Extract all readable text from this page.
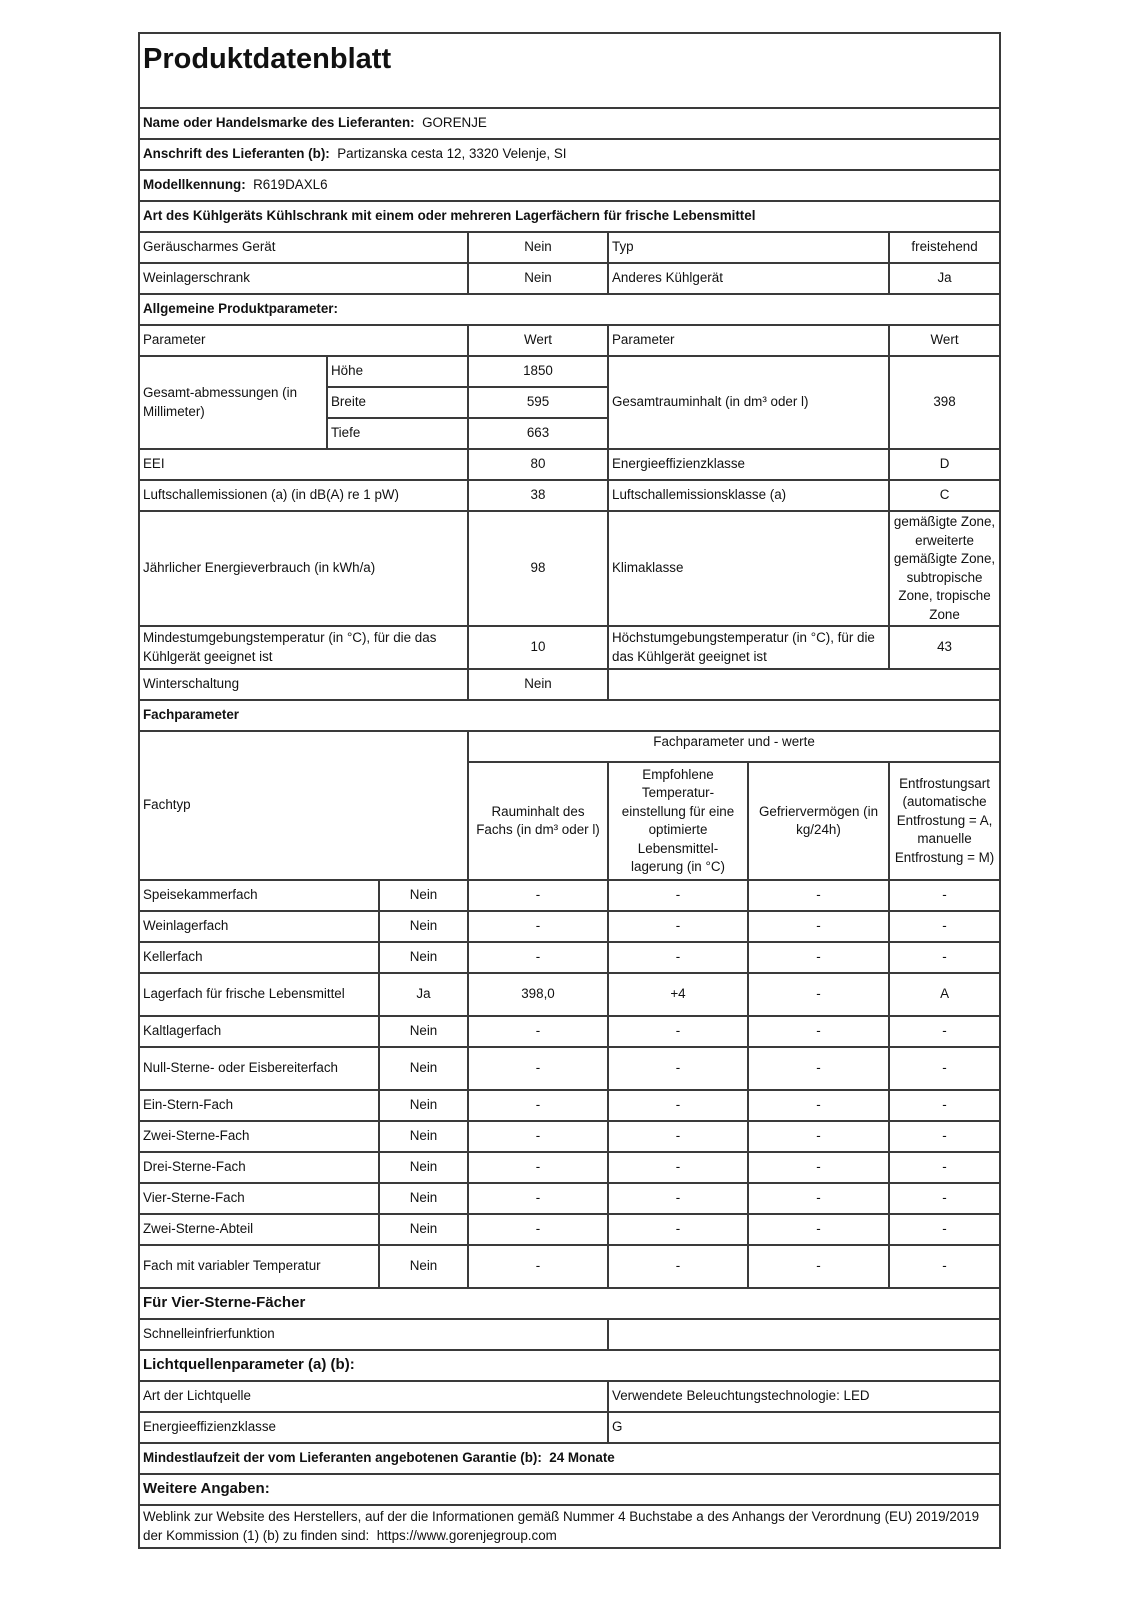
Produktdatenblatt						
Name oder Handelsmarke des Lieferanten: GORENJE						
Anschrift des Lieferanten (b): Partizanska cesta 12, 3320 Velenje, SI						
Modellkennung: R619DAXL6						
Art des Kühlgeräts Kühlschrank mit einem oder mehreren Lagerfächern für frische Lebensmittel						
Geräuscharmes Gerät			Nein	Typ		freistehend
Weinlagerschrank			Nein	Anderes Kühlgerät		Ja
Allgemeine Produktparameter:						
Parameter			Wert	Parameter		Wert
Gesamt-abmessungen (in Millimeter)	Höhe		1850	Gesamtrauminhalt (in dm³ oder l)		398
	Breite		595			
	Tiefe		663			
EEI			80	Energieeffizienzklasse		D
Luftschallemissionen (a) (in dB(A) re 1 pW)			38	Luftschallemissionsklasse (a)		C
Jährlicher Energieverbrauch (in kWh/a)			98	Klimaklasse		gemäßigte Zone, erweiterte gemäßigte Zone, subtropische Zone, tropische Zone
Mindestumgebungstemperatur (in °C), für die das Kühlgerät geeignet ist			10	Höchstumgebungstemperatur (in °C), für die das Kühlgerät geeignet ist		43
Winterschaltung			Nein			
Fachparameter						
Fachtyp			Fachparameter und - werte			
			Rauminhalt des Fachs (in dm³ oder l)	Empfohlene Temperatur-einstellung für eine optimierte Lebensmittel-lagerung (in °C)	Gefriervermögen (in kg/24h)	Entfrostungsart (automatische Entfrostung = A, manuelle Entfrostung = M)
Speisekammerfach		Nein	-	-	-	-
Weinlagerfach		Nein	-	-	-	-
Kellerfach		Nein	-	-	-	-
Lagerfach für frische Lebensmittel		Ja	398,0	+4	-	A
Kaltlagerfach		Nein	-	-	-	-
Null-Sterne- oder Eisbereiterfach		Nein	-	-	-	-
Ein-Stern-Fach		Nein	-	-	-	-
Zwei-Sterne-Fach		Nein	-	-	-	-
Drei-Sterne-Fach		Nein	-	-	-	-
Vier-Sterne-Fach		Nein	-	-	-	-
Zwei-Sterne-Abteil		Nein	-	-	-	-
Fach mit variabler Temperatur		Nein	-	-	-	-
Für Vier-Sterne-Fächer						
Schnelleinfrierfunktion						
Lichtquellenparameter (a) (b):						
Art der Lichtquelle				Verwendete Beleuchtungstechnologie: LED		
Energieeffizienzklasse				G		
Mindestlaufzeit der vom Lieferanten angebotenen Garantie (b): 24 Monate						
Weitere Angaben:						
Weblink zur Website des Herstellers, auf der die Informationen gemäß Nummer 4 Buchstabe a des Anhangs der Verordnung (EU) 2019/2019 der Kommission (1) (b) zu finden sind: https://www.gorenjegroup.com						
